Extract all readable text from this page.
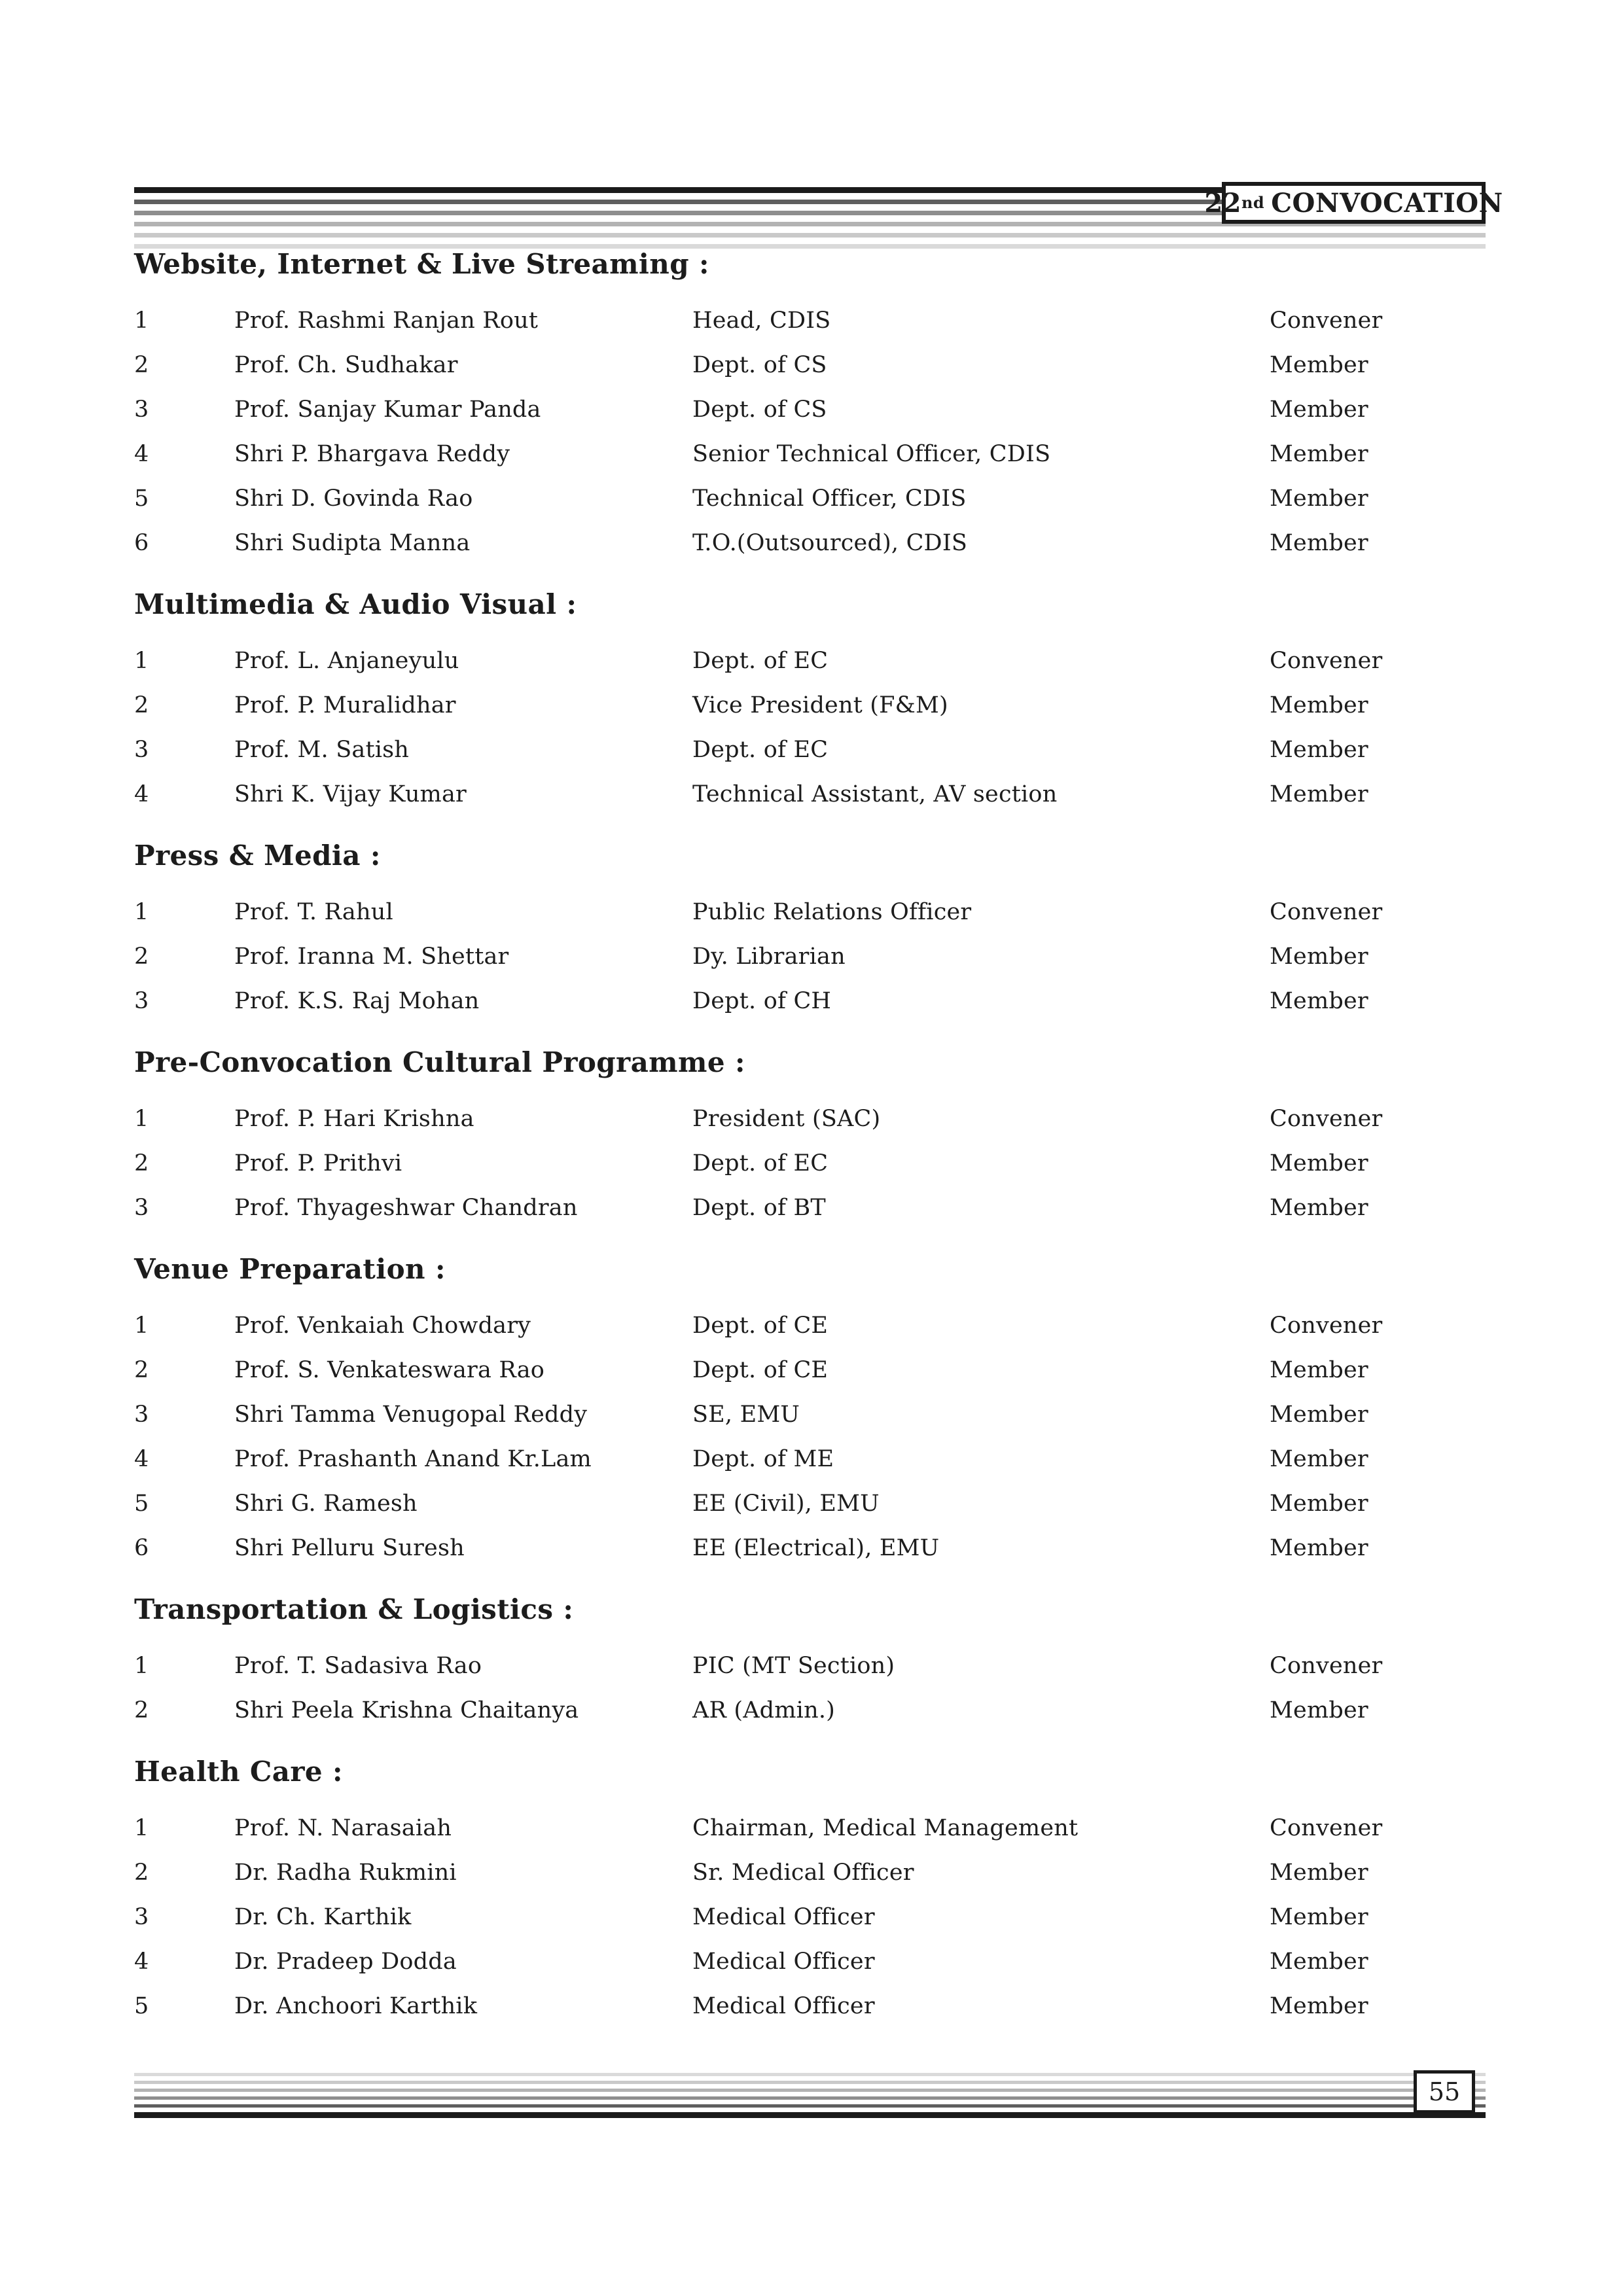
22 nd CONVOCATION
Website, Internet & Live Streaming :
1	Prof. Rashmi Ranjan Rout	Head, CDIS	Convener
2	Prof. Ch. Sudhakar	Dept. of CS	Member
3	Prof. Sanjay Kumar Panda	Dept. of CS	Member
4	Shri P. Bhargava Reddy	Senior Technical Officer, CDIS	Member
5	Shri D. Govinda Rao	Technical Officer, CDIS	Member
6	Shri Sudipta Manna	T.O.(Outsourced), CDIS	Member
Multimedia & Audio Visual :
1	Prof. L. Anjaneyulu	Dept. of EC	Convener
2	Prof. P. Muralidhar	Vice President (F&M)	Member
3	Prof. M. Satish	Dept. of EC	Member
4	Shri K. Vijay Kumar	Technical Assistant, AV section	Member
Press & Media :
1	Prof. T. Rahul	Public Relations Officer	Convener
2	Prof. Iranna M. Shettar	Dy. Librarian	Member
3	Prof. K.S. Raj Mohan	Dept. of CH	Member
Pre-Convocation Cultural Programme :
1	Prof. P. Hari Krishna	President (SAC)	Convener
2	Prof. P. Prithvi	Dept. of EC	Member
3	Prof. Thyageshwar Chandran	Dept. of BT	Member
Venue Preparation :
1	Prof. Venkaiah Chowdary	Dept. of CE	Convener
2	Prof. S. Venkateswara Rao	Dept. of CE	Member
3	Shri Tamma Venugopal Reddy	SE, EMU	Member
4	Prof. Prashanth Anand Kr.Lam	Dept. of ME	Member
5	Shri G. Ramesh	EE (Civil), EMU	Member
6	Shri Pelluru Suresh	EE (Electrical), EMU	Member
Transportation & Logistics :
1	Prof. T. Sadasiva Rao	PIC (MT Section)	Convener
2	Shri Peela Krishna Chaitanya	AR (Admin.)	Member
Health Care :
1	Prof. N. Narasaiah	Chairman, Medical Management	Convener
2	Dr. Radha Rukmini	Sr. Medical Officer	Member
3	Dr. Ch. Karthik	Medical Officer	Member
4	Dr. Pradeep Dodda	Medical Officer	Member
5	Dr. Anchoori Karthik	Medical Officer	Member
55
